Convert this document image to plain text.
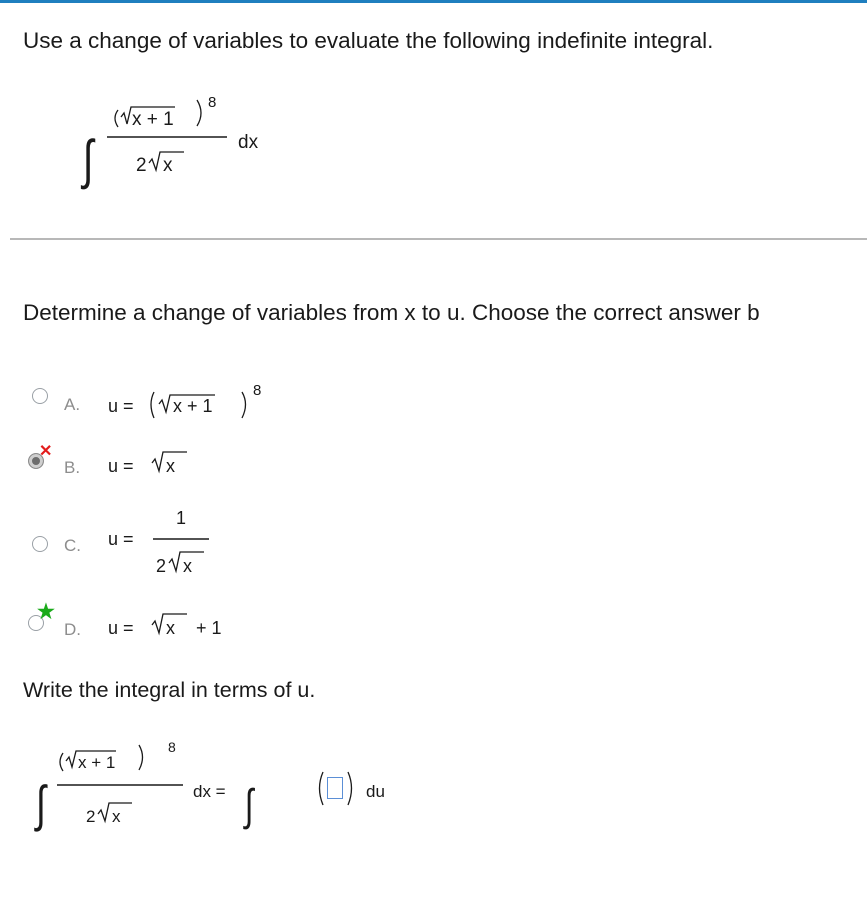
Use a change of variables to evaluate the following indefinite integral.
∫
x + 1
8
2 x
dx
Determine a change of variables from x to u. Choose the correct answer b
A. u = x + 1
8
✕
B. u = x
C. u =
1
2 x
★
D. u = x + 1
Write the integral in terms of u.
∫
x + 1
8
2 x
dx = ∫	du
